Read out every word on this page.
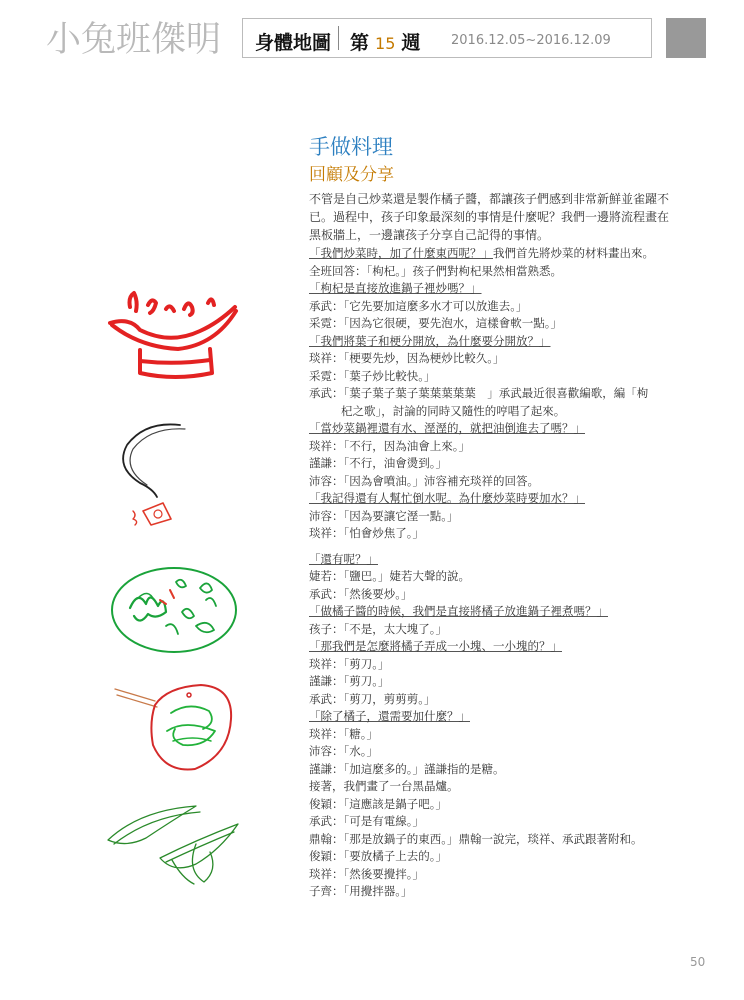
小兔班傑明 身體地圖 第 15 週 2016.12.05~2016.12.09
手做料理
回顧及分享
不管是自己炒菜還是製作橘子醬，都讓孩子們感到非常新鮮並雀躍不已。過程中，孩子印象最深刻的事情是什麼呢？我們一邊將流程畫在黑板牆上，一邊讓孩子分享自己記得的事情。
「我們炒菜時，加了什麼東西呢？」我們首先將炒菜的材料畫出來。
全班回答：「枸杞。」孩子們對枸杞果然相當熟悉。
「枸杞是直接放進鍋子裡炒嗎？」
承武：「它先要加這麼多水才可以放進去。」
采霓：「因為它很硬，要先泡水，這樣會軟一點。」
「我們將葉子和梗分開放，為什麼要分開放？」
琰祥：「梗要先炒，因為梗炒比較久。」
采霓：「葉子炒比較快。」
承武：「葉子葉子葉子葉葉葉葉葉　」承武最近很喜歡編歌，編「枸
杞之歌」，討論的同時又隨性的哼唱了起來。
「當炒菜鍋裡還有水、溼溼的，就把油倒進去了嗎？」
琰祥：「不行，因為油會上來。」
謹謙：「不行，油會燙到。」
沛容：「因為會噴油。」沛容補充琰祥的回答。
「我記得還有人幫忙倒水呢。為什麼炒菜時要加水？」
沛容：「因為要讓它溼一點。」
琰祥：「怕會炒焦了。」
「還有呢？」
婕若：「鹽巴。」婕若大聲的說。
承武：「然後要炒。」
「做橘子醬的時候，我們是直接將橘子放進鍋子裡煮嗎？」
孩子：「不是，太大塊了。」
「那我們是怎麼將橘子弄成一小塊、一小塊的？」
琰祥：「剪刀。」
謹謙：「剪刀。」
承武：「剪刀，剪剪剪。」
「除了橘子，還需要加什麼？」
琰祥：「糖。」
沛容：「水。」
謹謙：「加這麼多的。」謹謙指的是糖。
接著，我們畫了一台黑晶爐。
俊穎：「這應該是鍋子吧。」
承武：「可是有電線。」
鼎翰：「那是放鍋子的東西。」鼎翰一說完，琰祥、承武跟著附和。
俊穎：「要放橘子上去的。」
琰祥：「然後要攪拌。」
子齊：「用攪拌器。」
50
